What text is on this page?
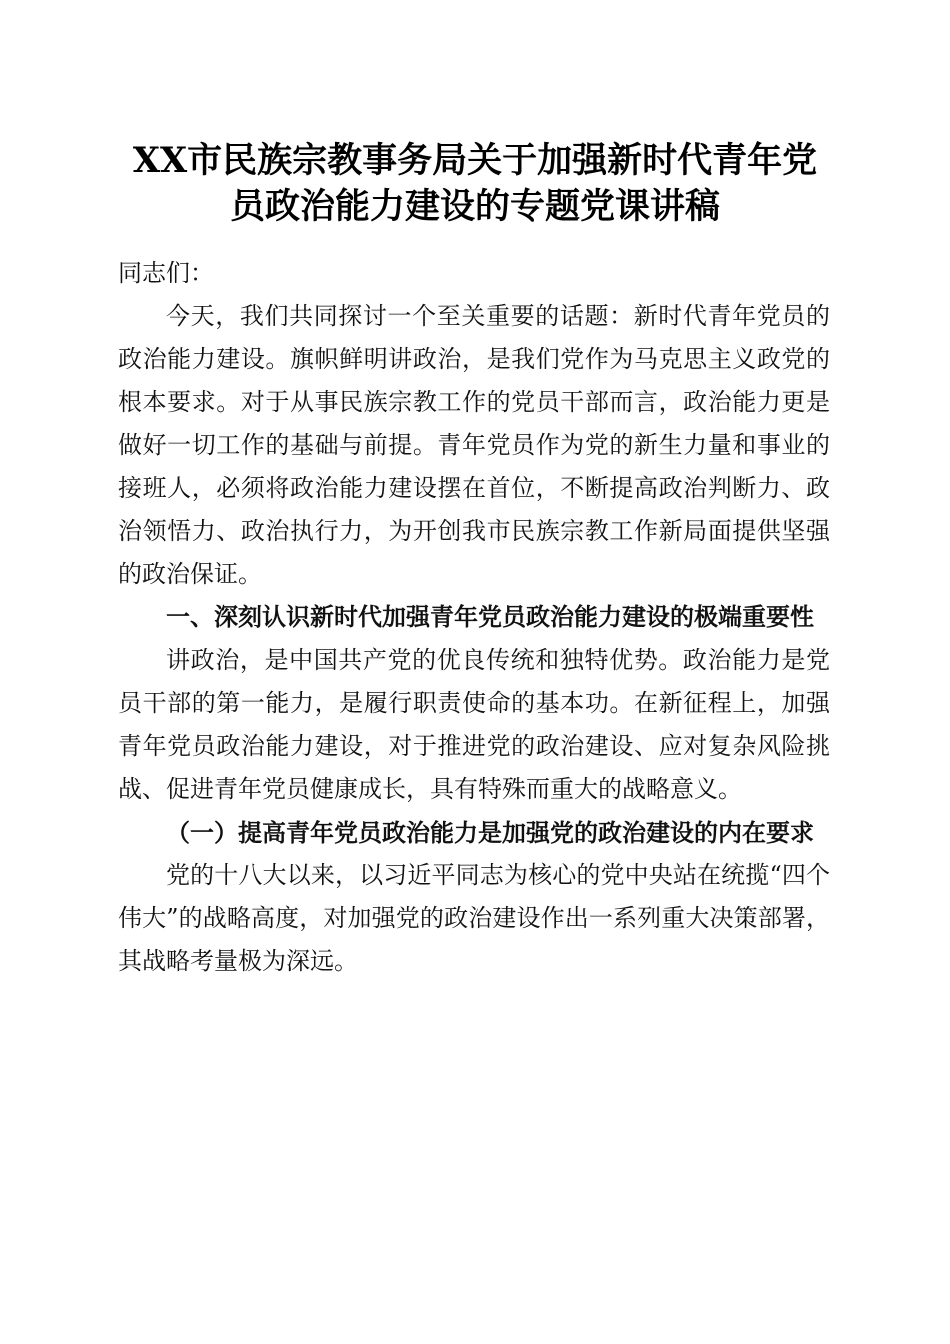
XX市民族宗教事务局关于加强新时代青年党
员政治能力建设的专题党课讲稿

同志们：

今天，我们共同探讨一个至关重要的话题：新时代青年党员的政治能力建设。旗帜鲜明讲政治，是我们党作为马克思主义政党的根本要求。对于从事民族宗教工作的党员干部而言，政治能力更是做好一切工作的基础与前提。青年党员作为党的新生力量和事业的接班人，必须将政治能力建设摆在首位，不断提高政治判断力、政治领悟力、政治执行力，为开创我市民族宗教工作新局面提供坚强的政治保证。

一、深刻认识新时代加强青年党员政治能力建设的极端重要性

讲政治，是中国共产党的优良传统和独特优势。政治能力是党员干部的第一能力，是履行职责使命的基本功。在新征程上，加强青年党员政治能力建设，对于推进党的政治建设、应对复杂风险挑战、促进青年党员健康成长，具有特殊而重大的战略意义。

（一）提高青年党员政治能力是加强党的政治建设的内在要求

党的十八大以来，以习近平同志为核心的党中央站在统揽“四个伟大”的战略高度，对加强党的政治建设作出一系列重大决策部署，其战略考量极为深远。
